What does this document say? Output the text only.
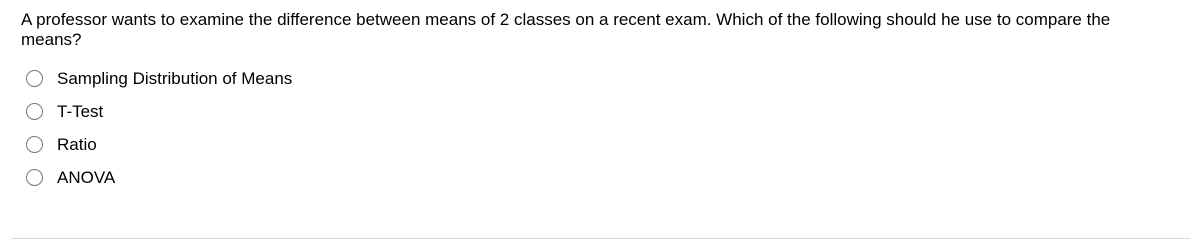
A professor wants to examine the difference between means of 2 classes on a recent exam. Which of the following should he use to compare the means?

Sampling Distribution of Means
T-Test
Ratio
ANOVA
